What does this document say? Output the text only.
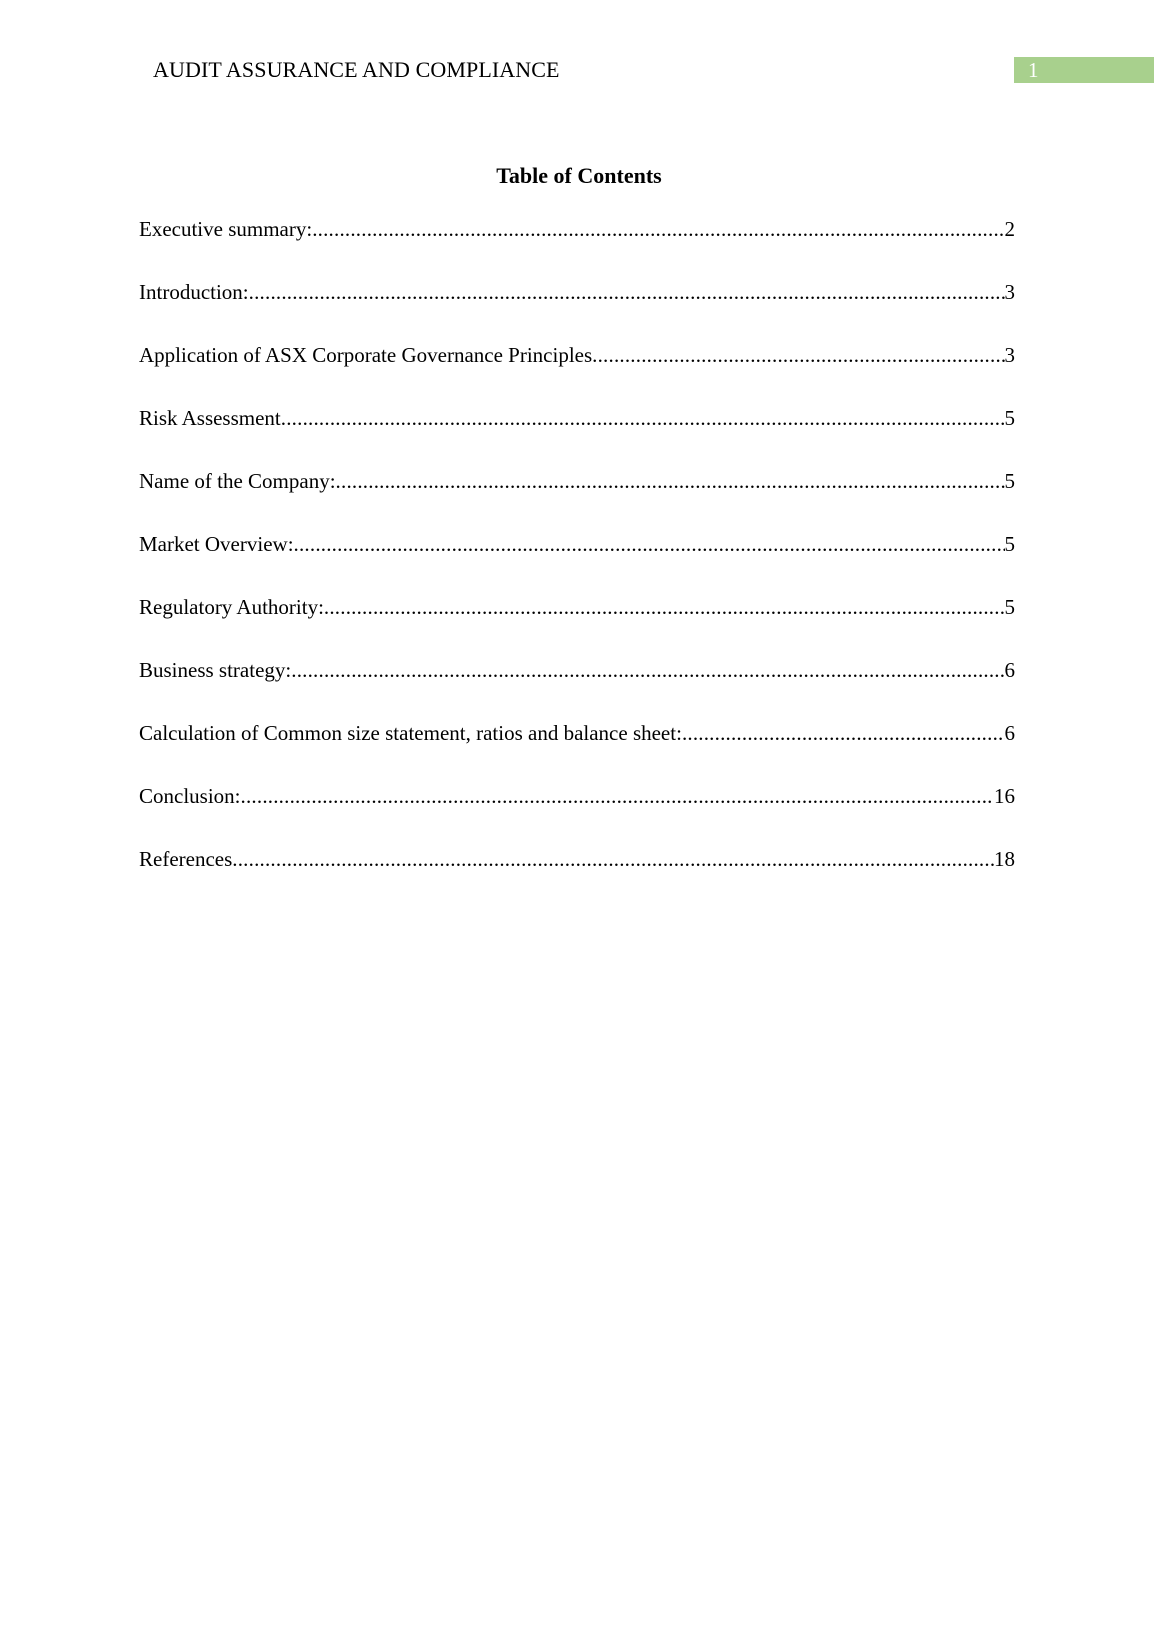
AUDIT ASSURANCE AND COMPLIANCE	1
Table of Contents
Executive summary: .....	2
Introduction: .....	3
Application of ASX Corporate Governance Principles .....	3
Risk Assessment .....	5
Name of the Company: .....	5
Market Overview: .....	5
Regulatory Authority: .....	5
Business strategy: .....	6
Calculation of Common size statement, ratios and balance sheet: .....	6
Conclusion: .....	16
References .....	18
